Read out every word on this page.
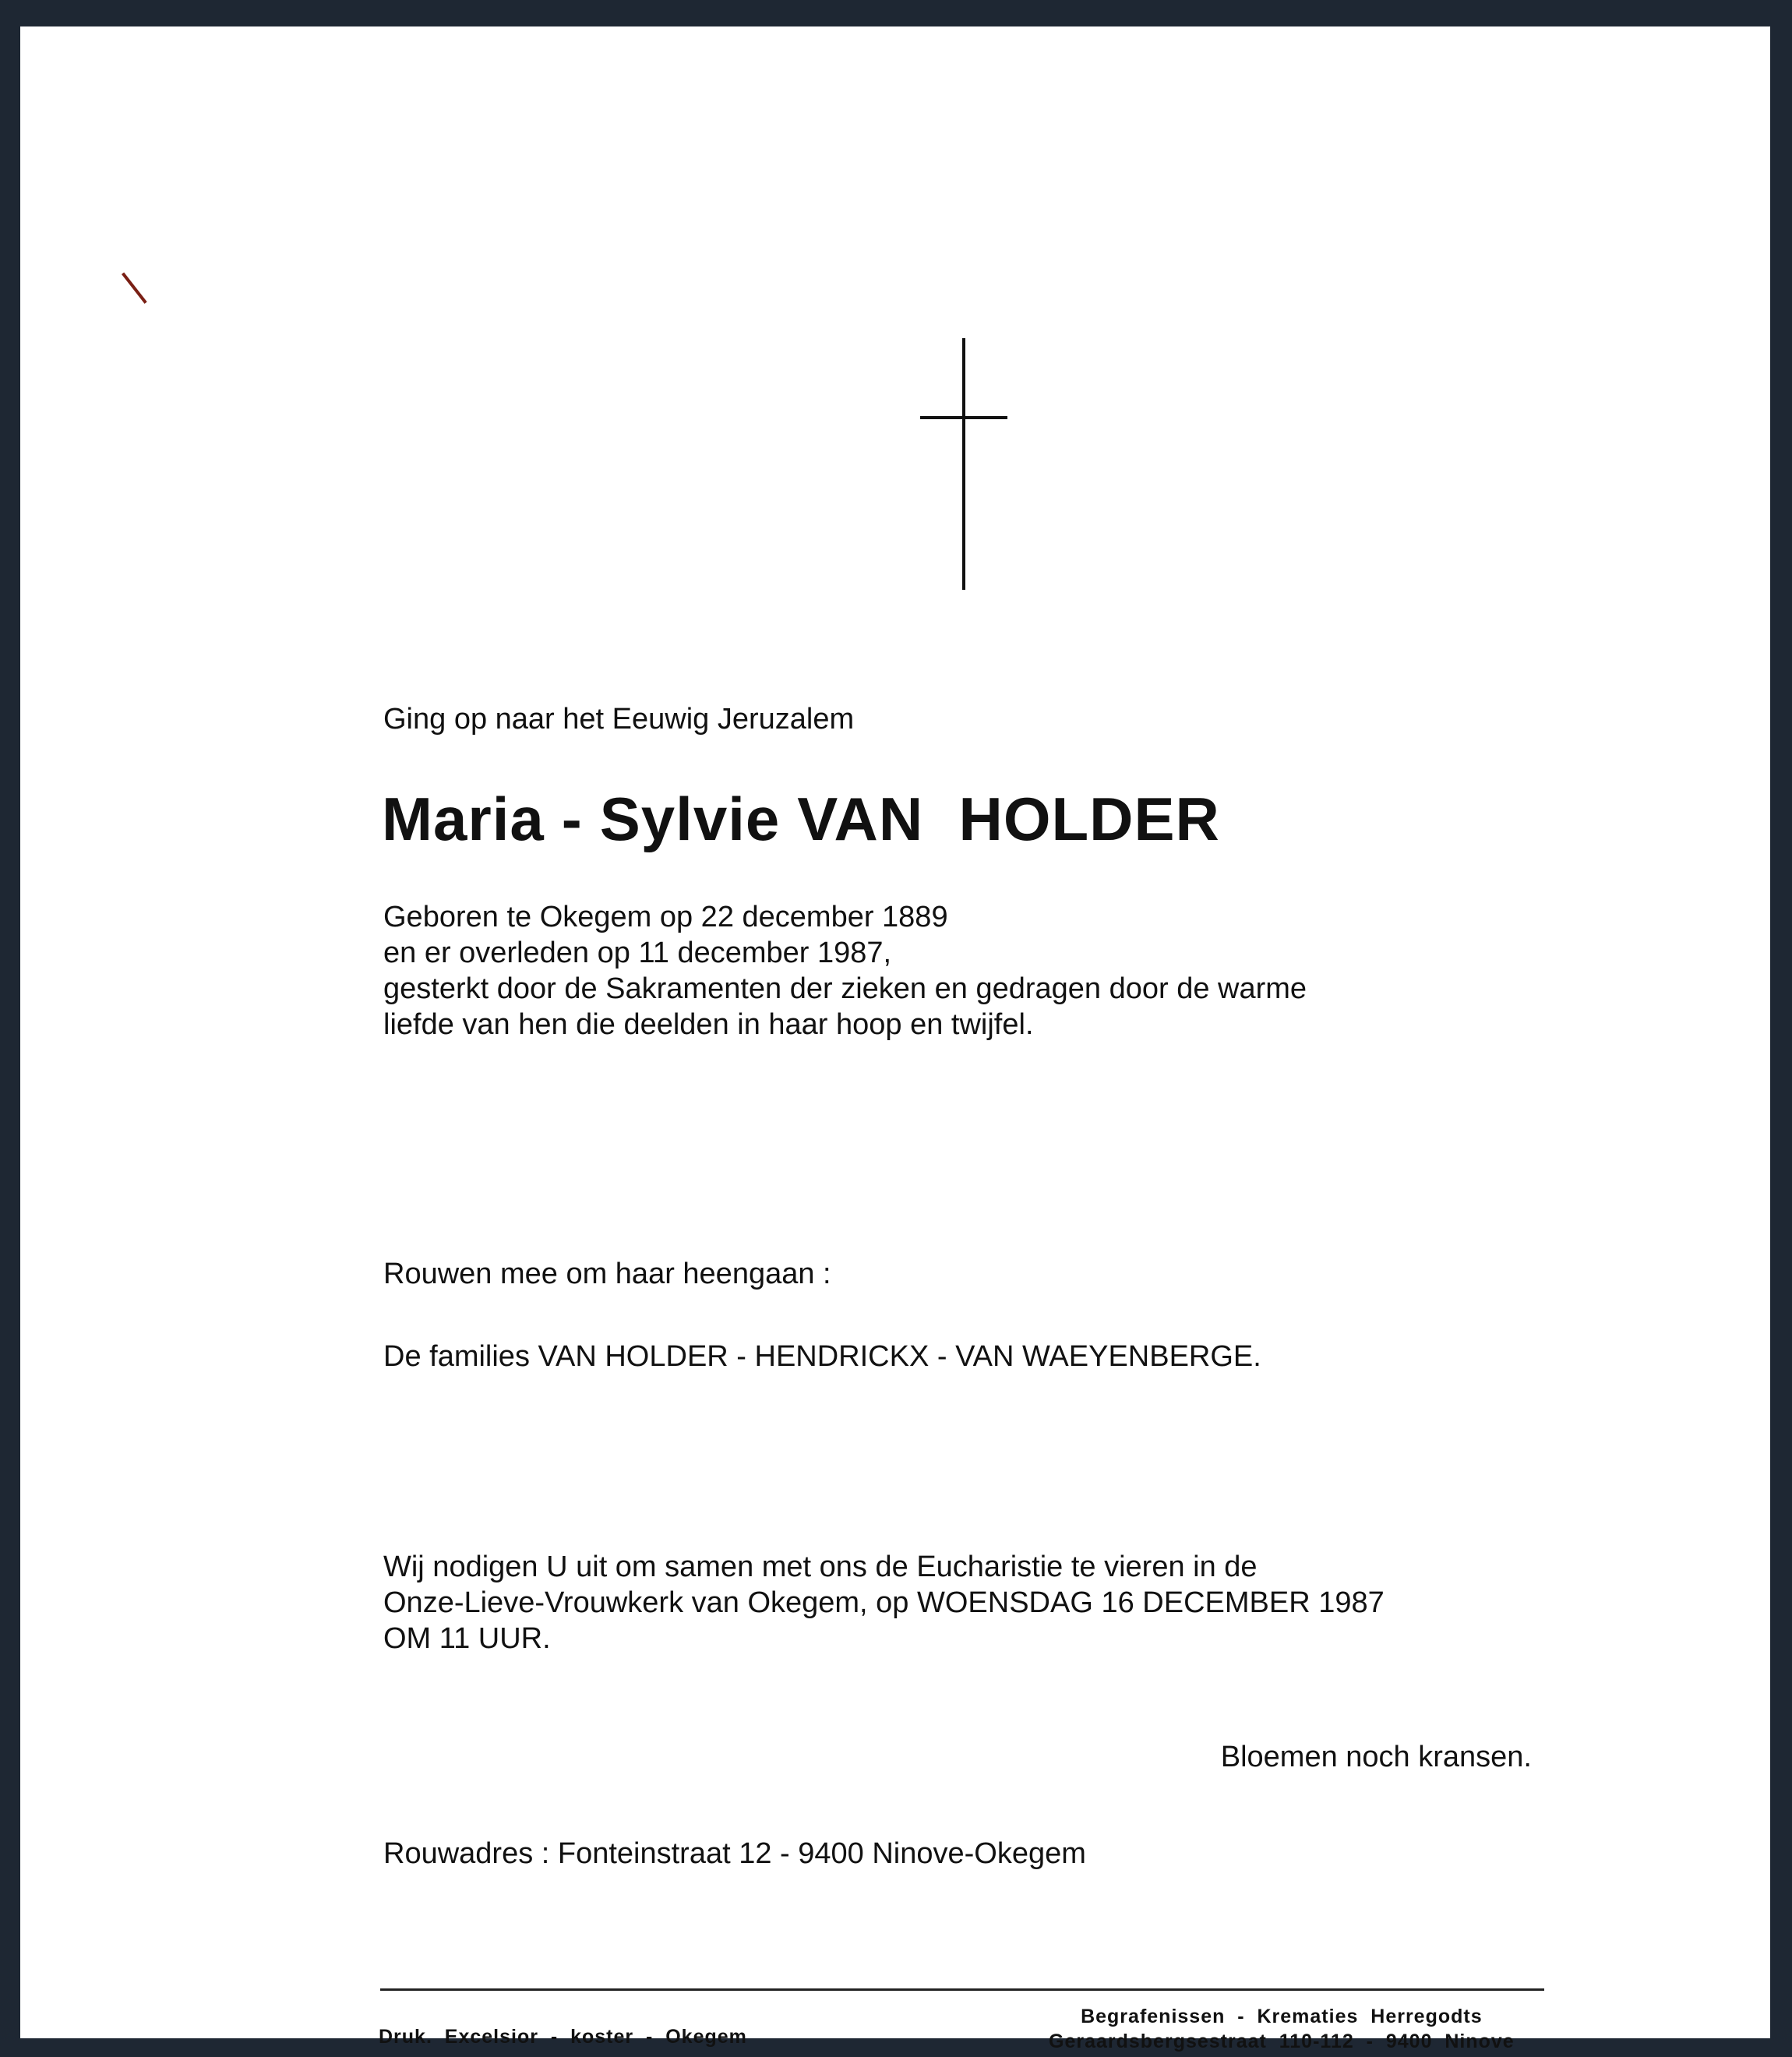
Ging op naar het Eeuwig Jeruzalem
Maria - Sylvie VAN  HOLDER

Geboren te Okegem op 22 december 1889

en er overleden op 11 december 1987,

gesterkt door de Sakramenten der zieken en gedragen door de warme

liefde van hen die deelden in haar hoop en twijfel.

Rouwen mee om haar heengaan :
De families VAN HOLDER - HENDRICKX - VAN WAEYENBERGE.

Wij nodigen U uit om samen met ons de Eucharistie te vieren in de

Onze-Lieve-Vrouwkerk van Okegem, op WOENSDAG 16 DECEMBER 1987

OM 11 UUR.

Bloemen noch kransen.
Rouwadres : Fonteinstraat 12 - 9400 Ninove-Okegem
Druk.  Excelsior  -  koster  -  Okegem
Begrafenissen  -  Krematies  Herregodts
Geraardsbergsestraat  110-112  -  9400  Ninove
